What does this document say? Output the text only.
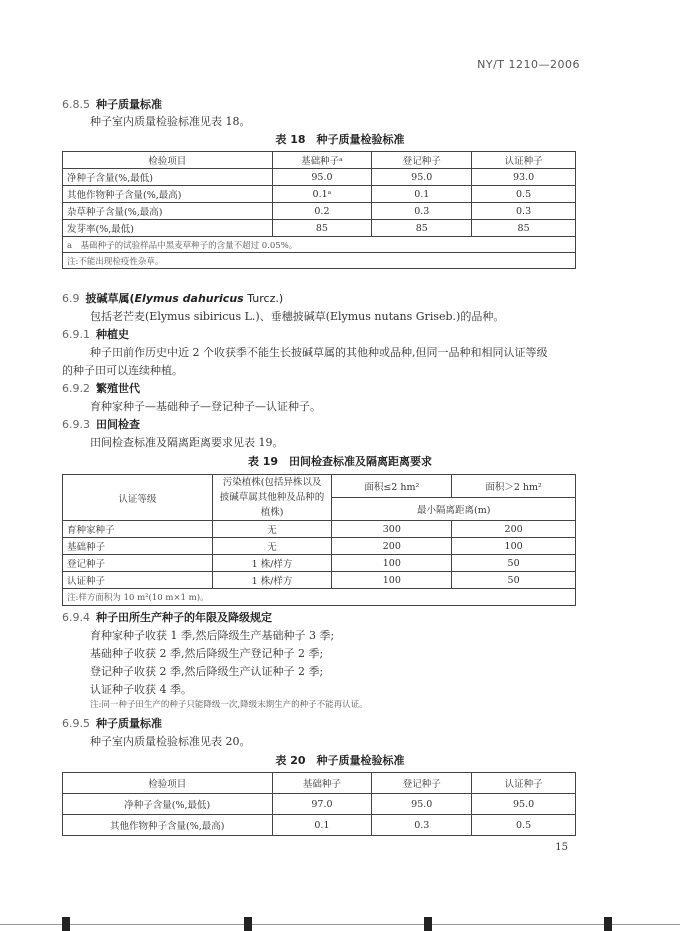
NY/T 1210—2006
6.8.5 种子质量标准
种子室内质量检验标准见表 18。
表 18　种子质量检验标准
检验项目	基础种子ᵃ	登记种子	认证种子
净种子含量(%,最低)	95.0	95.0	93.0
其他作物种子含量(%,最高)	0.1ᵃ	0.1	0.5
杂草种子含量(%,最高)	0.2	0.3	0.3
发芽率(%,最低)	85	85	85
a　基础种子的试验样品中黑麦草种子的含量不超过 0.05%。			
注:不能出现检疫性杂草。			
6.9 披碱草属(Elymus dahuricus Turcz.)
包括老芒麦(Elymus sibiricus L.)、垂穗披碱草(Elymus nutans Griseb.)的品种。
6.9.1 种植史
种子田前作历史中近 2 个收获季不能生长披碱草属的其他种或品种,但同一品种和相同认证等级
的种子田可以连续种植。
6.9.2 繁殖世代
育种家种子—基础种子—登记种子—认证种子。
6.9.3 田间检查
田间检查标准及隔离距离要求见表 19。
表 19　田间检查标准及隔离距离要求
认证等级	污染植株(包括异株以及
披碱草属其他种及品种的植株)	面积≤2 hm²	面积＞2 hm²
		最小隔离距离(m)	
育种家种子	无	300	200
基础种子	无	200	100
登记种子	1 株/样方	100	50
认证种子	1 株/样方	100	50
注:样方面积为 10 m²(10 m×1 m)。			
6.9.4 种子田所生产种子的年限及降级规定
育种家种子收获 1 季,然后降级生产基础种子 3 季;
基础种子收获 2 季,然后降级生产登记种子 2 季;
登记种子收获 2 季,然后降级生产认证种子 2 季;
认证种子收获 4 季。
注:同一种子田生产的种子只能降级一次,降级末期生产的种子不能再认证。
6.9.5 种子质量标准
种子室内质量检验标准见表 20。
表 20　种子质量检验标准
检验项目	基础种子	登记种子	认证种子
净种子含量(%,最低)	97.0	95.0	95.0
其他作物种子含量(%,最高)	0.1	0.3	0.5
15
